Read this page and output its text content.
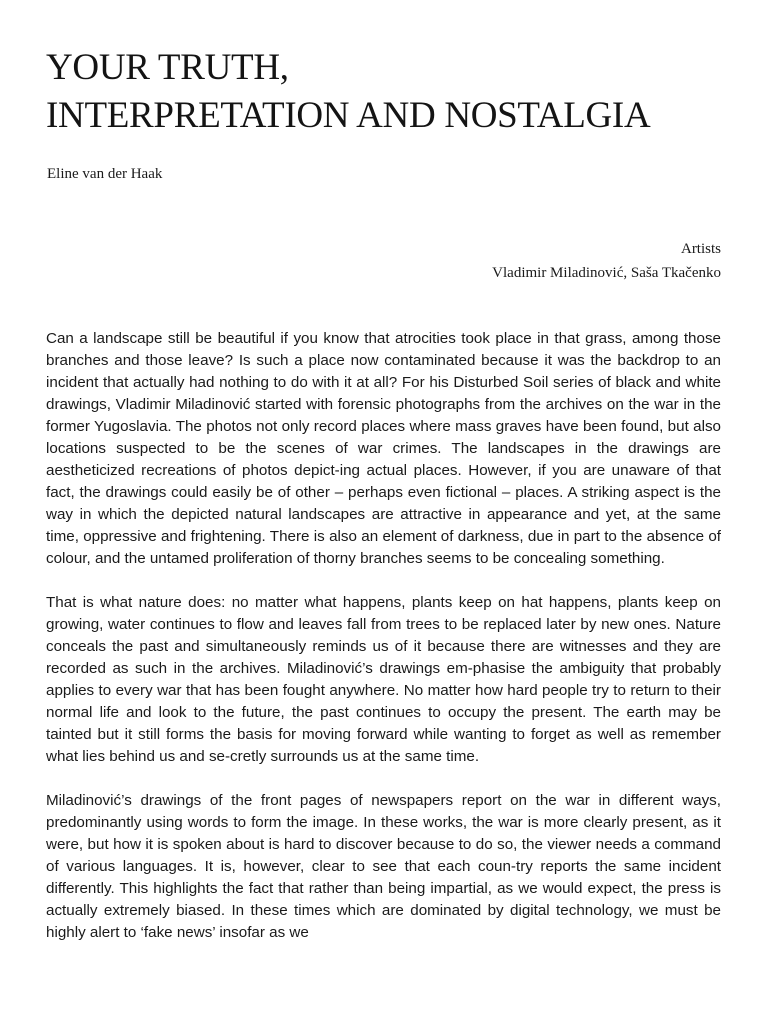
YOUR TRUTH,
INTERPRETATION AND NOSTALGIA
Eline van der Haak
Artists
Vladimir Miladinović, Saša Tkačenko

Can a landscape still be beautiful if you know that atrocities took place in that grass, among those branches and those leave? Is such a place now contaminated because it was the backdrop to an incident that actually had nothing to do with it at all? For his Disturbed Soil series of black and white drawings, Vladimir Miladinović started with forensic photographs from the archives on the war in the former Yugoslavia. The photos not only record places where mass graves have been found, but also locations suspected to be the scenes of war crimes. The landscapes in the drawings are aestheticized recreations of photos depict-ing actual places. However, if you are unaware of that fact, the drawings could easily be of other – perhaps even fictional – places. A striking aspect is the way in which the depicted natural landscapes are attractive in appearance and yet, at the same time, oppressive and frightening. There is also an element of darkness, due in part to the absence of colour, and the untamed proliferation of thorny branches seems to be concealing something.

That is what nature does: no matter what happens, plants keep on hat happens, plants keep on  growing, water continues to flow and leaves fall from trees to be replaced later by new ones. Nature conceals the past and simultaneously reminds us of it because there are witnesses and they are recorded as such in the archives. Miladinović’s drawings em-phasise the ambiguity that probably applies to every war that has been fought anywhere. No matter how hard people try to return to their normal life and look to the future, the past continues to occupy the present. The earth may be tainted but it still forms the basis for moving forward while wanting to forget as well as remember what lies behind us and se-cretly surrounds us at the same time.

Miladinović’s drawings of the front pages of newspapers report on the war in different ways, predominantly using words to form the image. In these works, the war is more clearly present, as it were, but how it is spoken about is hard to discover because to do so, the viewer needs a command of various languages. It is, however, clear to see that each coun-try reports the same incident differently. This highlights the fact that rather than being impartial, as we would expect, the press is actually extremely biased. In these times which are dominated by digital technology, we must be highly alert to ‘fake news’ insofar as we
